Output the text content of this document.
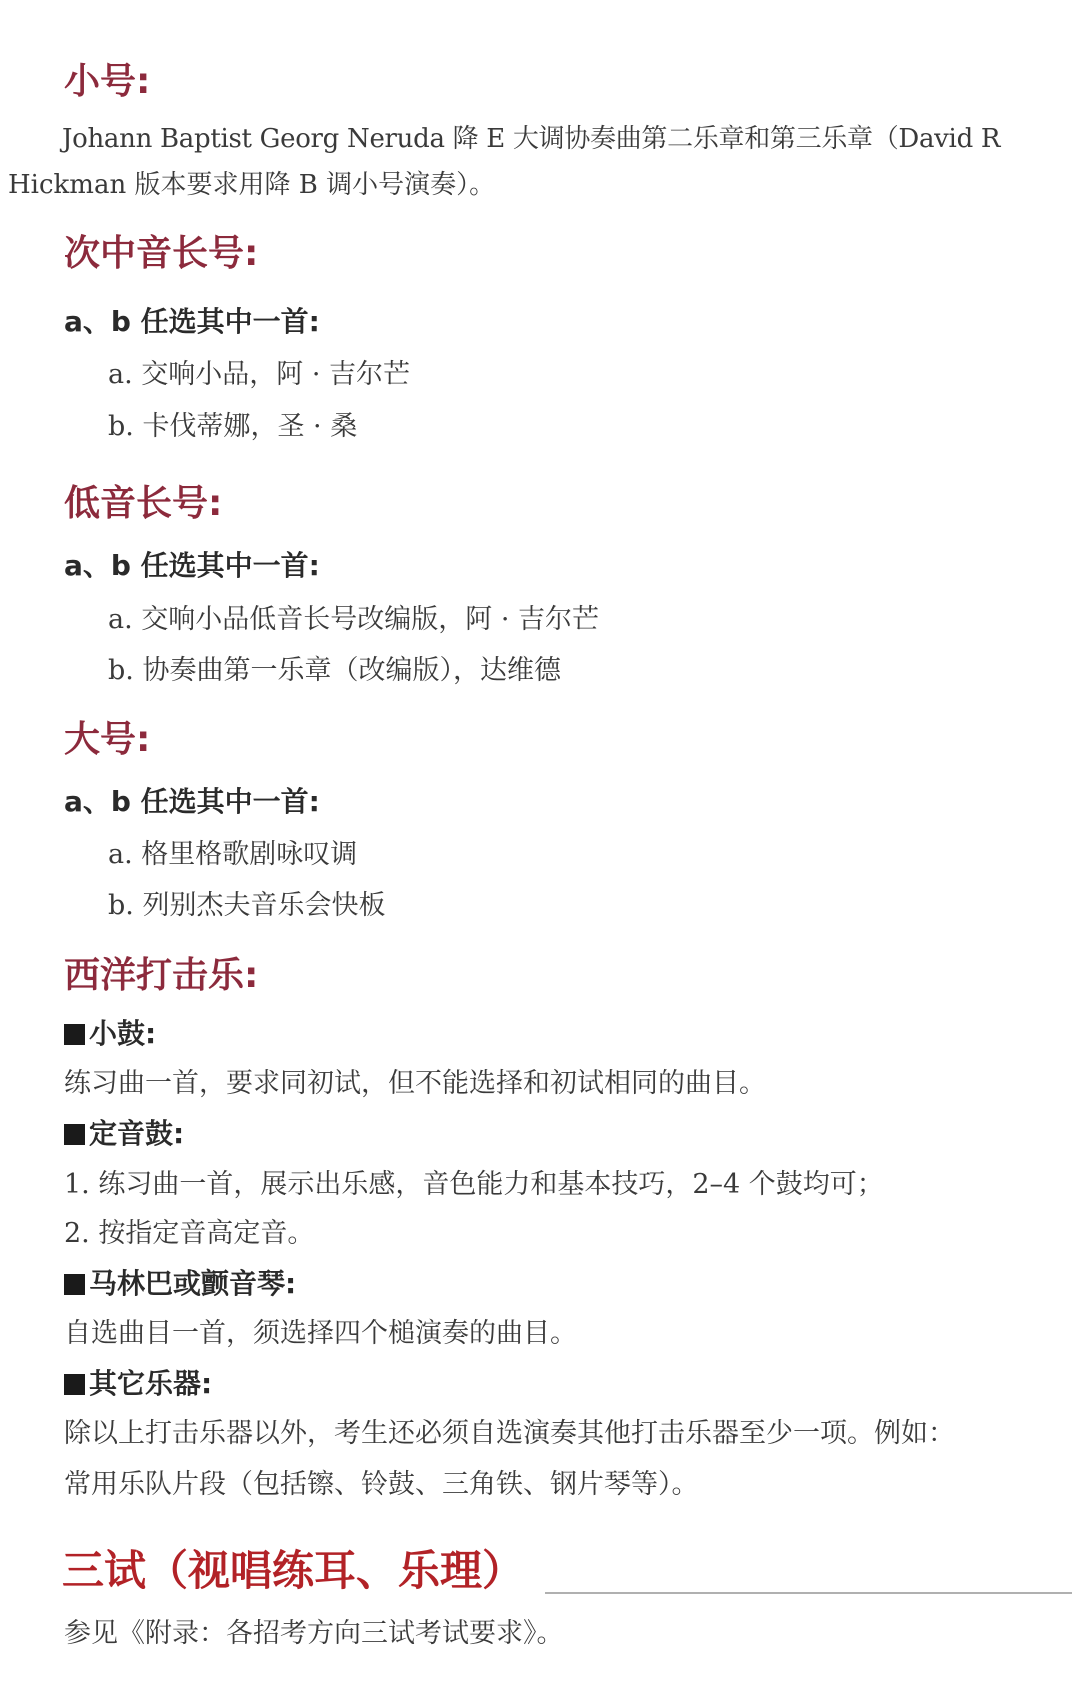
小号:
Johann Baptist Georg Neruda 降 E 大调协奏曲第二乐章和第三乐章（David R
Hickman 版本要求用降 B 调小号演奏）。
次中音长号:
a、b 任选其中一首:
a. 交响小品，阿 · 吉尔芒
b. 卡伐蒂娜，圣 · 桑
低音长号:
a、b 任选其中一首:
a. 交响小品低音长号改编版，阿 · 吉尔芒
b. 协奏曲第一乐章（改编版），达维德
大号:
a、b 任选其中一首:
a. 格里格歌剧咏叹调
b. 列别杰夫音乐会快板
西洋打击乐:
小鼓:
练习曲一首，要求同初试，但不能选择和初试相同的曲目。
定音鼓:
1. 练习曲一首，展示出乐感，音色能力和基本技巧，2–4 个鼓均可；
2. 按指定音高定音。
马林巴或颤音琴:
自选曲目一首，须选择四个槌演奏的曲目。
其它乐器:
除以上打击乐器以外，考生还必须自选演奏其他打击乐器至少一项。例如：
常用乐队片段（包括镲、铃鼓、三角铁、钢片琴等）。
三试（视唱练耳、乐理）
参见《附录：各招考方向三试考试要求》。
